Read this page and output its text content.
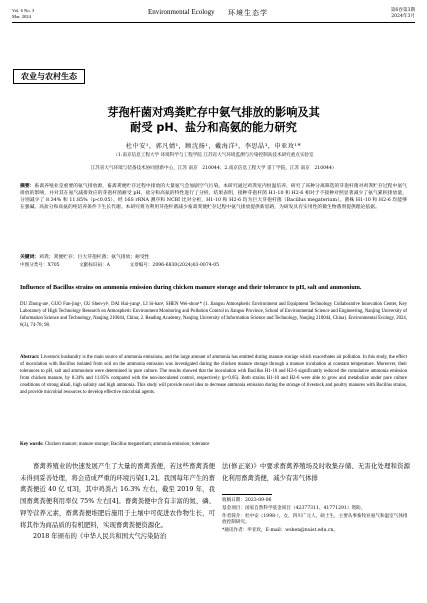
Vol. 6 No. 3
Mar. 2024
Environmental Ecology 环境生态学	第6卷第3期
2024年3月
农业与农村生态
芽孢杆菌对鸡粪贮存中氨气排放的影响及其
耐受 pH、盐分和高氨的能力研究
杜中安¹，郭凡婧¹，顾沈扬¹，戴海洋³，李思晶³，申亚玫¹*
（1.南京信息工程大学 环境科学与工程学院 江苏省大气环境监测与污染控制高技术研究重点实验室
江苏省大气环境与装备技术协同创新中心，江苏 南京　210044；2.南京信息工程大学 雷丁学院，江苏 南京　210044）
摘要：畜禽养殖业是重要的氨气排放源，畜禽粪便贮存过程中排放的大量氨气会加剧空气污染。本研究通过鸡粪室内恒温培养，研究了该种分离筛选的芽孢杆菌对鸡粪贮存过程中氨气排放的影响，并对其在氨气减排效应的芽孢杆菌耐受 pH、盐分和高氨的特性进行了分析。结果表明，接种芽孢杆菌 H1-10 和 H2-6 相对于不接种对照显著减少了氨气累积排放量，分别减少了 8.34% 和 11.85%（p<0.05）。经 16S rRNA 测序和 NCBI 比对分析，H1-10 和 H2-6 均为巨大芽孢杆菌（Bacillus megaterium）。菌株 H1-10 和 H2-6 均能够在强碱、高盐分和高氨的纯培养条件下生长代谢。本研究将为利用芽孢杆菌减少畜禽粪便贮存过程中氨气排放提供新思路，为研发具有实用性的微生物菌剂提供理论依据。
关键词：鸡粪；粪便贮存；巨大芽孢杆菌；氨气排放；耐受性
中图分类号：X705	文献标识码：A	文章编号：2096-6830(2024)03-0074-05
Influence of Bacillus strains on ammonia emission during chicken manure storage and their tolerance to pH, salt and ammonium.
DU Zhong-an¹, GUO Fan-jing¹, GU Shen-yi¹, DAI Hai-yang¹, LI Si-han³, SHEN Wei-shou¹* (1. Jiangsu Atmospheric Environment and Equipment Technology Collaborative Innovation Center, Key Laboratory of High Technology Research on Atmospheric Environment Monitoring and Pollution Control in Jiangsu Province, School of Environmental Science and Engineering, Nanjing University of Information Science and Technology, Nanjing 210044, China; 2. Reading Academy, Nanjing University of Information Science and Technology, Nanjing 210044, China). Environmental Ecology, 2024, 6(3), 74-78; 98.
Abstract: Livestock husbandry is the main source of ammonia emissions, and the large amount of ammonia has emitted during manure storage which exacerbates air pollution. In this study, the effect of inoculation with Bacillus isolated from soil on the ammonia emission was investigated during the chicken manure storage through a manure incubation at constant temperature. Moreover, their tolerances to pH, salt and ammonium were determined in pure culture. The results showed that the inoculation with Bacillus H1-10 and H2-6 significantly reduced the cumulative ammonia emission from chicken manure, by 8.34% and 11.85% compared with the non-inoculated control, respectively (p<0.05). Both strains H1-10 and H2-6 were able to grow and metabolize under pure culture conditions of strong alkali, high salinity and high ammonia. This study will provide novel idea to decrease ammonia emission during the storage of livestock and poultry manures with Bacillus strains, and provide microbial resources to develop effective microbial agents.
Key words: Chicken manure; manure storage; Bacillus megaterium; ammonia emission; tolerance

畜禽养殖业的快速发展产生了大量的畜禽粪便，若这些畜禽粪便未得到妥善处理，将会造成严重的环境污染[1,2]。我国每年产生的畜禽粪便近 40 亿 t[3]，其中鸡粪占 16.3% 左右，截至 2019 年，我国畜禽粪便利用率仅 75% 左右[4]。畜禽粪便中含有丰富的氮、磷、钾等营养元素，畜禽粪便堆肥后施用于土壤中可促进农作物生长，可将其作为商品质的有机肥料，实现畜禽粪便资源化。

2018 年颁布的《中华人民共和国大气污染防治

法(修正案)》中要求畜禽养殖场及时收集存储、无害化处理和资源化利用畜禽粪便，减少有害气体排
收稿日期：2023-09-06
基金项目：国家自然科学基金项目（42377311、41771291）资助。
作者简介：杜中安（1998-），女，四川广元人，硕士生，主要从事畜牧业氨气和温室气体排放控制研究。
*通讯作者：申亚玫，E-mail：wshen@nuist.edu.cn。
